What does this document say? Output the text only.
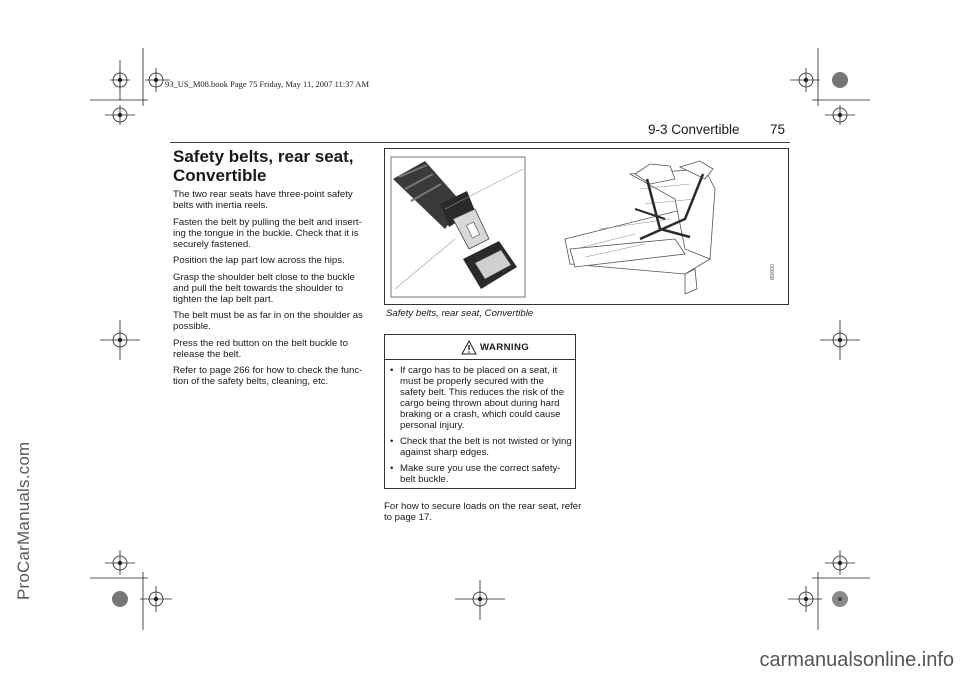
93_US_M08.book Page 75 Friday, May 11, 2007 11:37 AM
ProCarManuals.com
carmanualsonline.info
9-3 Convertible 75
Safety belts, rear seat, Convertible

The two rear seats have three-point safety belts with inertia reels.

Fasten the belt by pulling the belt and insert-ing the tongue in the buckle. Check that it is securely fastened.

Position the lap part low across the hips.

Grasp the shoulder belt close to the buckle and pull the belt towards the shoulder to tighten the lap belt part.

The belt must be as far in on the shoulder as possible.

Press the red button on the belt buckle to release the belt.

Refer to page 266 for how to check the func-tion of the safety belts, cleaning, etc.

IB0000
Safety belts, rear seat, Convertible
WARNING
• If cargo has to be placed on a seat, it must be properly secured with the safety belt. This reduces the risk of the cargo being thrown about during hard braking or a crash, which could cause personal injury.
• Check that the belt is not twisted or lying against sharp edges.
• Make sure you use the correct safety-belt buckle.
For how to secure loads on the rear seat, refer to page 17.
